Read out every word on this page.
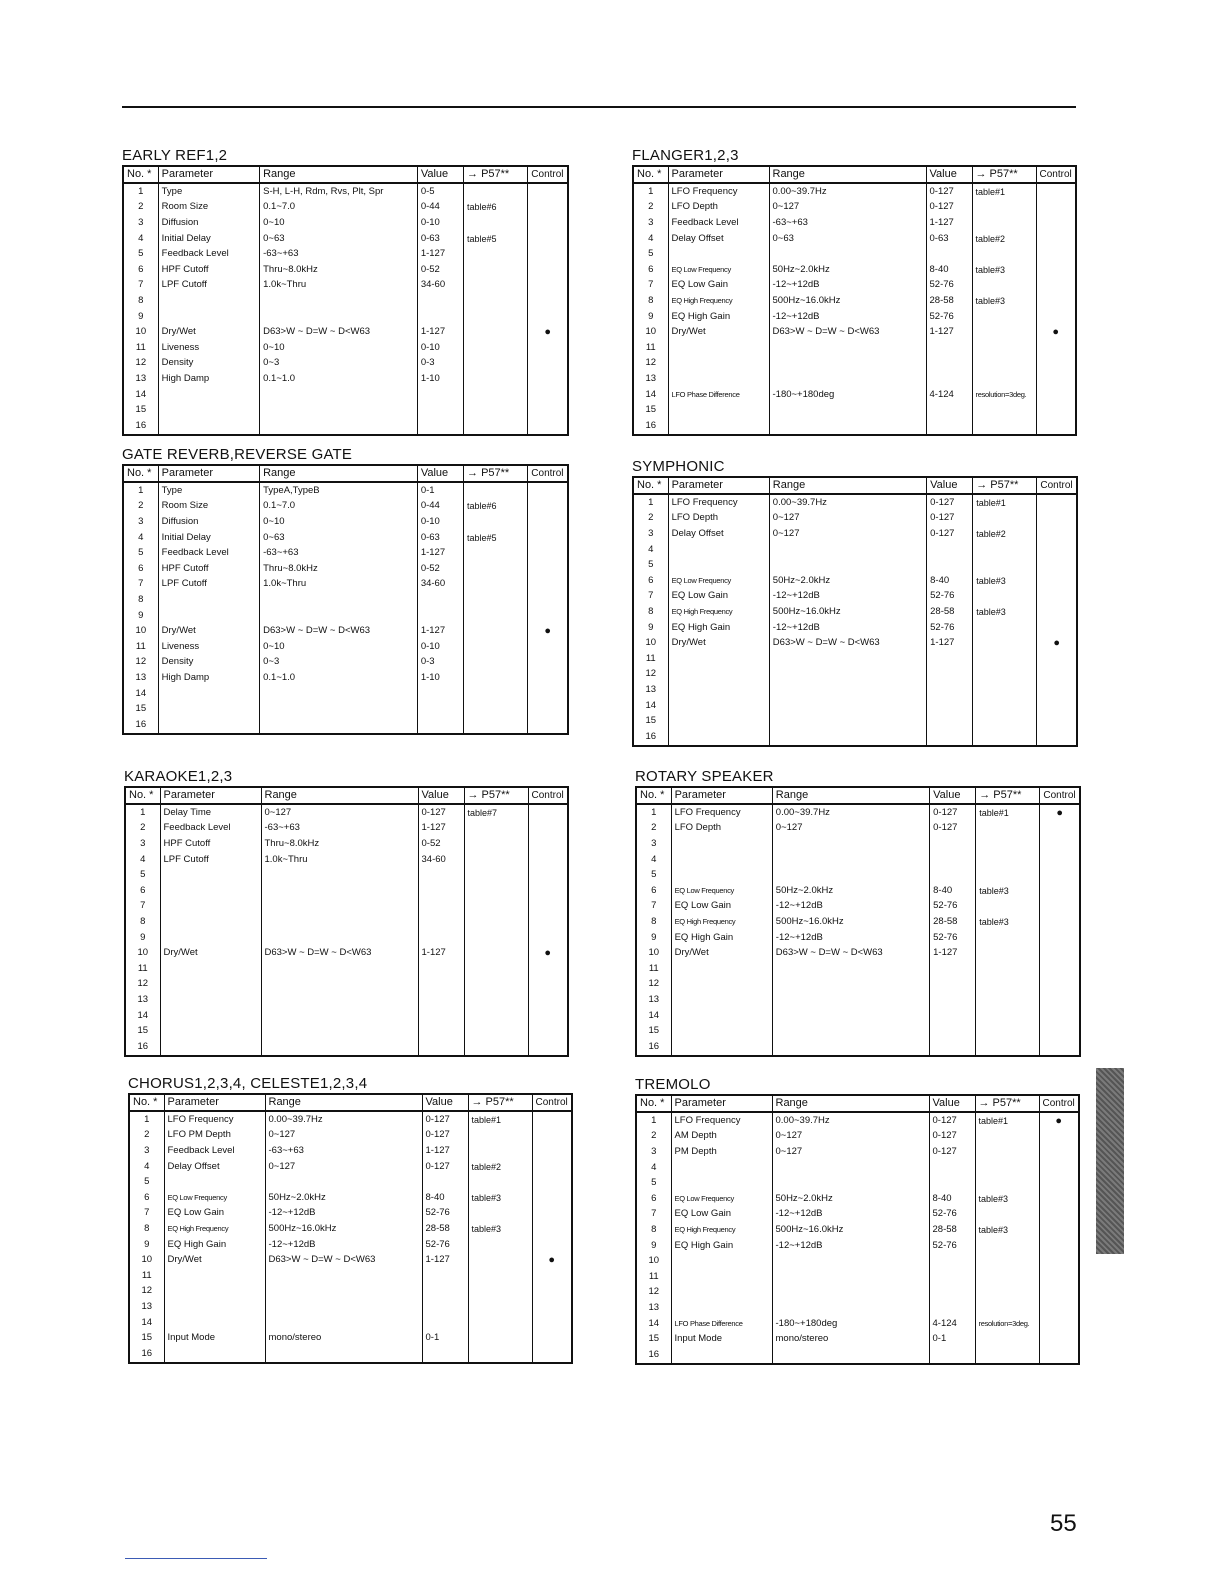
EARLY REF1,2
No. *	Parameter	Range	Value	→ P57**	Control
1	Type	S-H, L-H, Rdm, Rvs, Plt, Spr	0-5		
2	Room Size	0.1~7.0	0-44	table#6	
3	Diffusion	0~10	0-10		
4	Initial Delay	0~63	0-63	table#5	
5	Feedback Level	-63~+63	1-127		
6	HPF Cutoff	Thru~8.0kHz	0-52		
7	LPF Cutoff	1.0k~Thru	34-60		
8					
9					
10	Dry/Wet	D63>W ~ D=W ~ D<W63	1-127		●
11	Liveness	0~10	0-10		
12	Density	0~3	0-3		
13	High Damp	0.1~1.0	1-10		
14					
15					
16					
GATE REVERB,REVERSE GATE
No. *	Parameter	Range	Value	→ P57**	Control
1	Type	TypeA,TypeB	0-1		
2	Room Size	0.1~7.0	0-44	table#6	
3	Diffusion	0~10	0-10		
4	Initial Delay	0~63	0-63	table#5	
5	Feedback Level	-63~+63	1-127		
6	HPF Cutoff	Thru~8.0kHz	0-52		
7	LPF Cutoff	1.0k~Thru	34-60		
8					
9					
10	Dry/Wet	D63>W ~ D=W ~ D<W63	1-127		●
11	Liveness	0~10	0-10		
12	Density	0~3	0-3		
13	High Damp	0.1~1.0	1-10		
14					
15					
16					
KARAOKE1,2,3
No. *	Parameter	Range	Value	→ P57**	Control
1	Delay Time	0~127	0-127	table#7	
2	Feedback Level	-63~+63	1-127		
3	HPF Cutoff	Thru~8.0kHz	0-52		
4	LPF Cutoff	1.0k~Thru	34-60		
5					
6					
7					
8					
9					
10	Dry/Wet	D63>W ~ D=W ~ D<W63	1-127		●
11					
12					
13					
14					
15					
16					
CHORUS1,2,3,4, CELESTE1,2,3,4
No. *	Parameter	Range	Value	→ P57**	Control
1	LFO Frequency	0.00~39.7Hz	0-127	table#1	
2	LFO PM Depth	0~127	0-127		
3	Feedback Level	-63~+63	1-127		
4	Delay Offset	0~127	0-127	table#2	
5					
6	EQ Low Frequency	50Hz~2.0kHz	8-40	table#3	
7	EQ Low Gain	-12~+12dB	52-76		
8	EQ High Frequency	500Hz~16.0kHz	28-58	table#3	
9	EQ High Gain	-12~+12dB	52-76		
10	Dry/Wet	D63>W ~ D=W ~ D<W63	1-127		●
11					
12					
13					
14					
15	Input Mode	mono/stereo	0-1		
16					
FLANGER1,2,3
No. *	Parameter	Range	Value	→ P57**	Control
1	LFO Frequency	0.00~39.7Hz	0-127	table#1	
2	LFO Depth	0~127	0-127		
3	Feedback Level	-63~+63	1-127		
4	Delay Offset	0~63	0-63	table#2	
5					
6	EQ Low Frequency	50Hz~2.0kHz	8-40	table#3	
7	EQ Low Gain	-12~+12dB	52-76		
8	EQ High Frequency	500Hz~16.0kHz	28-58	table#3	
9	EQ High Gain	-12~+12dB	52-76		
10	Dry/Wet	D63>W ~ D=W ~ D<W63	1-127		●
11					
12					
13					
14	LFO Phase Difference	-180~+180deg	4-124	resolution=3deg.	
15					
16					
SYMPHONIC
No. *	Parameter	Range	Value	→ P57**	Control
1	LFO Frequency	0.00~39.7Hz	0-127	table#1	
2	LFO Depth	0~127	0-127		
3	Delay Offset	0~127	0-127	table#2	
4					
5					
6	EQ Low Frequency	50Hz~2.0kHz	8-40	table#3	
7	EQ Low Gain	-12~+12dB	52-76		
8	EQ High Frequency	500Hz~16.0kHz	28-58	table#3	
9	EQ High Gain	-12~+12dB	52-76		
10	Dry/Wet	D63>W ~ D=W ~ D<W63	1-127		●
11					
12					
13					
14					
15					
16					
ROTARY SPEAKER
No. *	Parameter	Range	Value	→ P57**	Control
1	LFO Frequency	0.00~39.7Hz	0-127	table#1	●
2	LFO Depth	0~127	0-127		
3					
4					
5					
6	EQ Low Frequency	50Hz~2.0kHz	8-40	table#3	
7	EQ Low Gain	-12~+12dB	52-76		
8	EQ High Frequency	500Hz~16.0kHz	28-58	table#3	
9	EQ High Gain	-12~+12dB	52-76		
10	Dry/Wet	D63>W ~ D=W ~ D<W63	1-127		
11					
12					
13					
14					
15					
16					
TREMOLO
No. *	Parameter	Range	Value	→ P57**	Control
1	LFO Frequency	0.00~39.7Hz	0-127	table#1	●
2	AM Depth	0~127	0-127		
3	PM Depth	0~127	0-127		
4					
5					
6	EQ Low Frequency	50Hz~2.0kHz	8-40	table#3	
7	EQ Low Gain	-12~+12dB	52-76		
8	EQ High Frequency	500Hz~16.0kHz	28-58	table#3	
9	EQ High Gain	-12~+12dB	52-76		
10					
11					
12					
13					
14	LFO Phase Difference	-180~+180deg	4-124	resolution=3deg.	
15	Input Mode	mono/stereo	0-1		
16					
55
